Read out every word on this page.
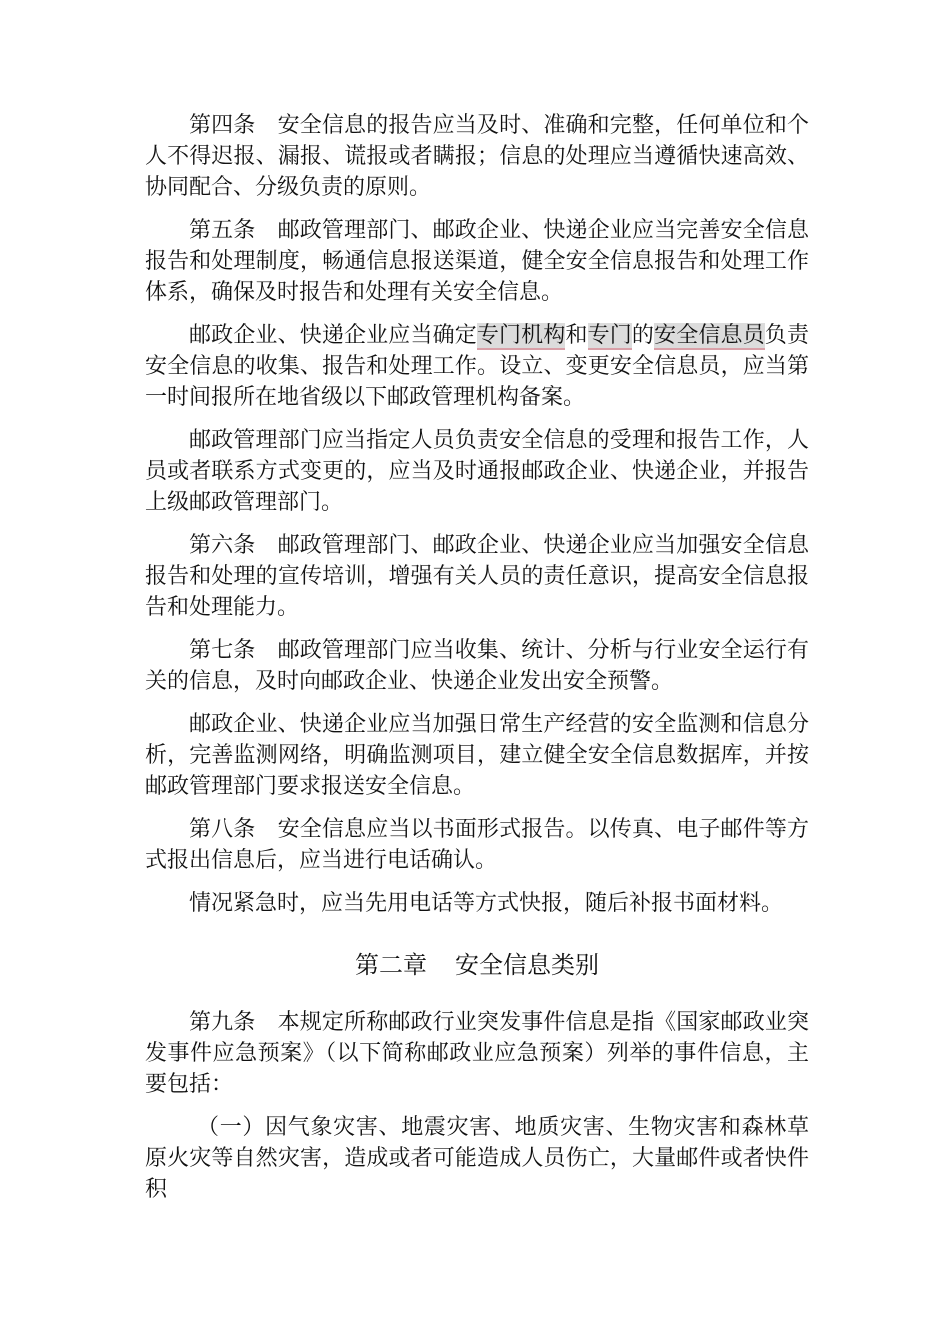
第四条 安全信息的报告应当及时、准确和完整，任何单位和个人不得迟报、漏报、谎报或者瞒报；信息的处理应当遵循快速高效、协同配合、分级负责的原则。

第五条 邮政管理部门、邮政企业、快递企业应当完善安全信息报告和处理制度，畅通信息报送渠道，健全安全信息报告和处理工作体系，确保及时报告和处理有关安全信息。

邮政企业、快递企业应当确定专门机构和专门的安全信息员负责安全信息的收集、报告和处理工作。设立、变更安全信息员，应当第一时间报所在地省级以下邮政管理机构备案。

邮政管理部门应当指定人员负责安全信息的受理和报告工作，人员或者联系方式变更的，应当及时通报邮政企业、快递企业，并报告上级邮政管理部门。

第六条 邮政管理部门、邮政企业、快递企业应当加强安全信息报告和处理的宣传培训，增强有关人员的责任意识，提高安全信息报告和处理能力。

第七条 邮政管理部门应当收集、统计、分析与行业安全运行有关的信息，及时向邮政企业、快递企业发出安全预警。

邮政企业、快递企业应当加强日常生产经营的安全监测和信息分析，完善监测网络，明确监测项目，建立健全安全信息数据库，并按邮政管理部门要求报送安全信息。

第八条 安全信息应当以书面形式报告。以传真、电子邮件等方式报出信息后，应当进行电话确认。

情况紧急时，应当先用电话等方式快报，随后补报书面材料。

第二章 安全信息类别

第九条 本规定所称邮政行业突发事件信息是指《国家邮政业突发事件应急预案》（以下简称邮政业应急预案）列举的事件信息，主要包括：

（一）因气象灾害、地震灾害、地质灾害、生物灾害和森林草原火灾等自然灾害，造成或者可能造成人员伤亡，大量邮件或者快件积
